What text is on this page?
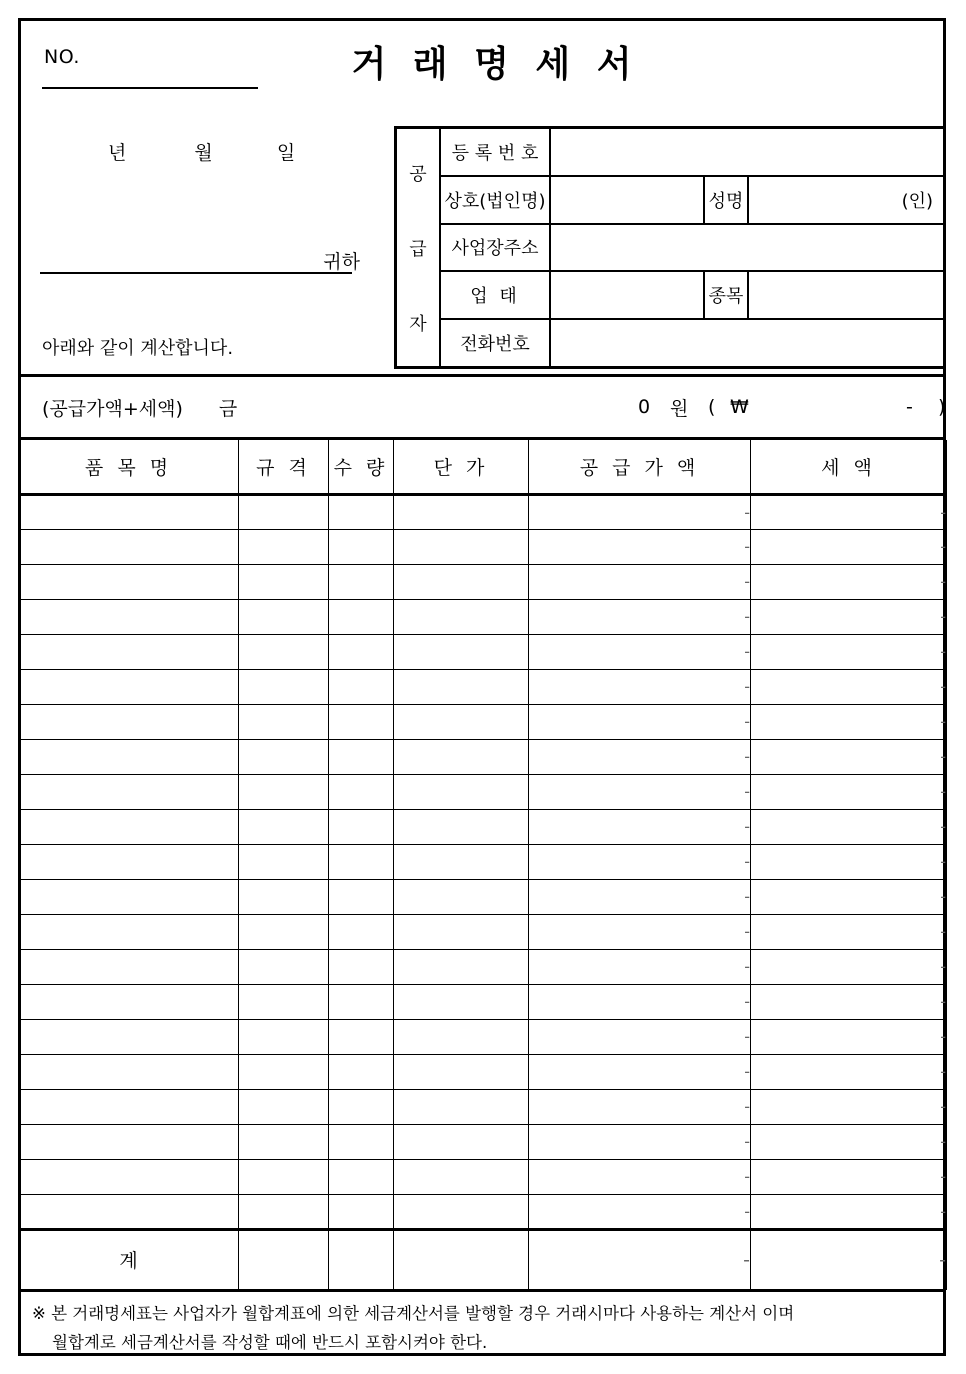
NO.	거 래 명 세 서
년	월	일
귀하
아래와 같이 계산합니다.
공
급
자
등 록 번 호
상호(법인명)	성명	(인)
사업장주소
업 태	종목
전화번호
(공급가액+세액) 금	0 원 ( ₩	- )
품 목 명	규 격	수 량	단 가	공 급 가 액	세 액
				-	-
				-	-
				-	-
				-	-
				-	-
				-	-
				-	-
				-	-
				-	-
				-	-
				-	-
				-	-
				-	-
				-	-
				-	-
				-	-
				-	-
				-	-
				-	-
				-	-
				-	-
계				-	-
※ 본 거래명세표는 사업자가 월합계표에 의한 세금계산서를 발행할 경우 거래시마다 사용하는 계산서 이며
월합계로 세금계산서를 작성할 때에 반드시 포함시켜야 한다.
